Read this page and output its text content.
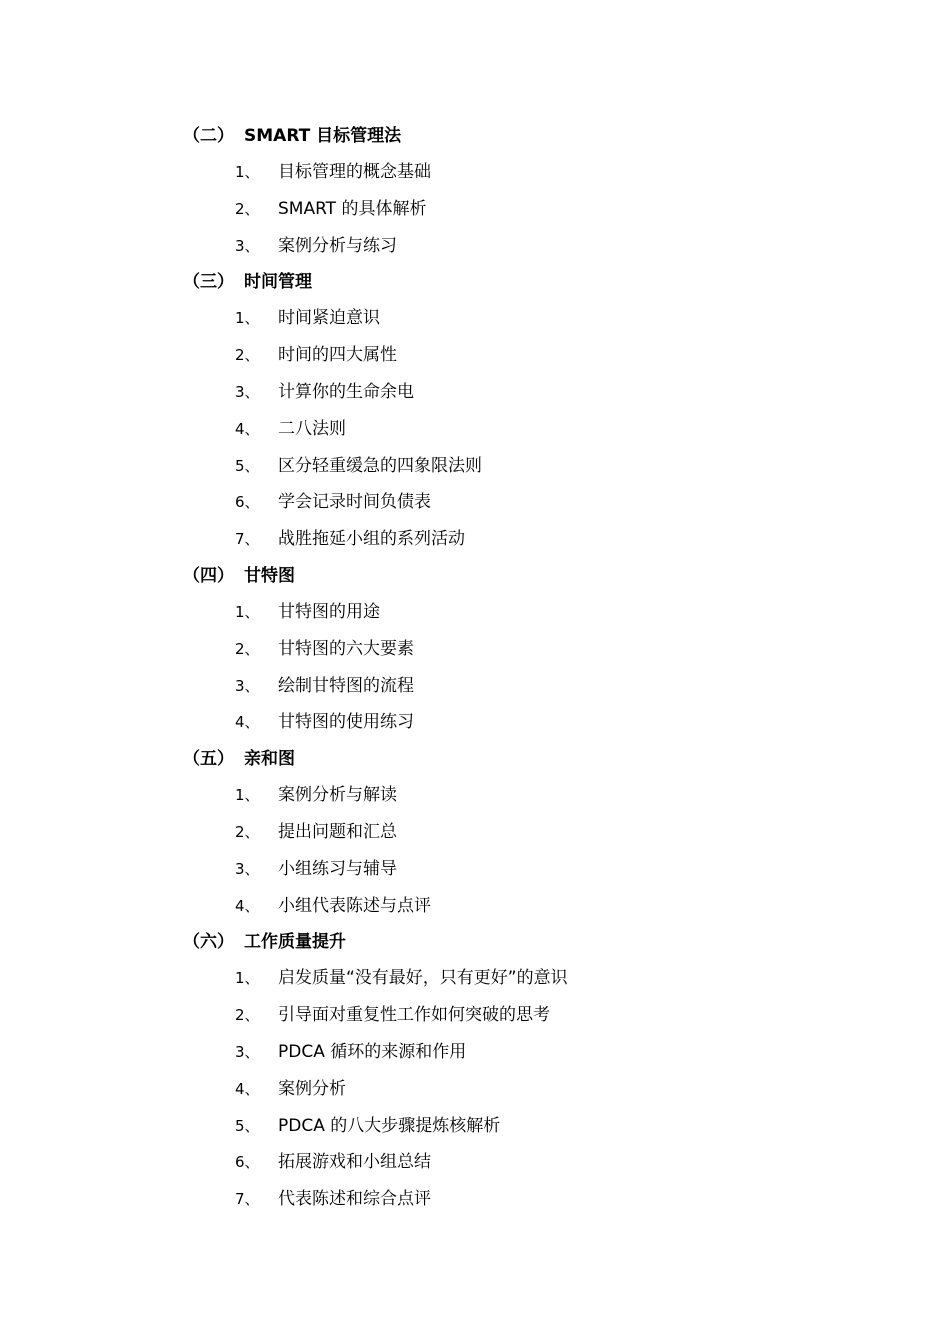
（二） SMART 目标管理法
1、 目标管理的概念基础
2、 SMART 的具体解析
3、 案例分析与练习
（三） 时间管理
1、 时间紧迫意识
2、 时间的四大属性
3、 计算你的生命余电
4、 二八法则
5、 区分轻重缓急的四象限法则
6、 学会记录时间负债表
7、 战胜拖延小组的系列活动
（四） 甘特图
1、 甘特图的用途
2、 甘特图的六大要素
3、 绘制甘特图的流程
4、 甘特图的使用练习
（五） 亲和图
1、 案例分析与解读
2、 提出问题和汇总
3、 小组练习与辅导
4、 小组代表陈述与点评
（六） 工作质量提升
1、 启发质量“没有最好，只有更好”的意识
2、 引导面对重复性工作如何突破的思考
3、 PDCA 循环的来源和作用
4、 案例分析
5、 PDCA 的八大步骤提炼核解析
6、 拓展游戏和小组总结
7、 代表陈述和综合点评
